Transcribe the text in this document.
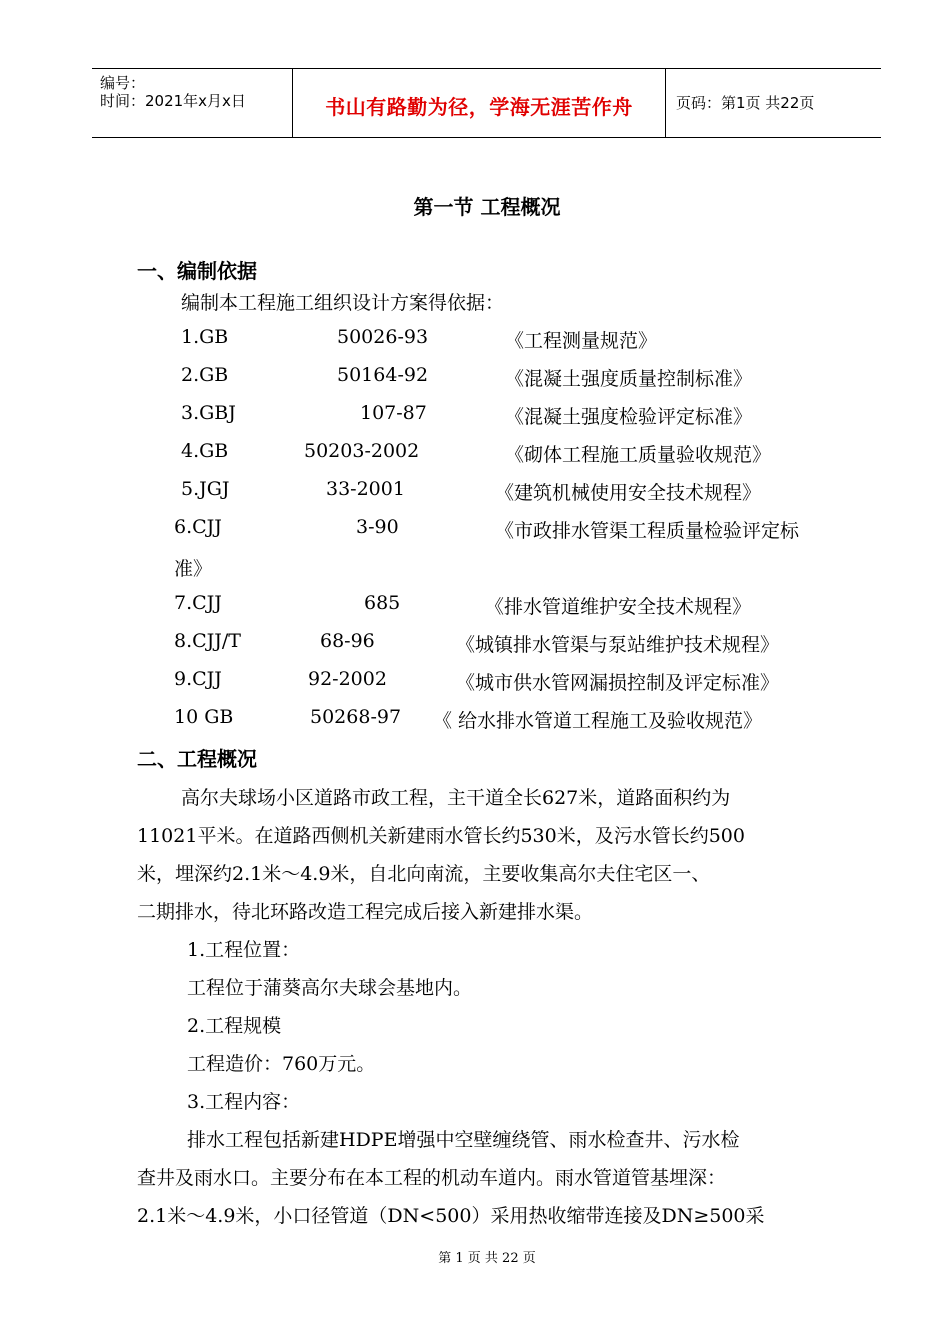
编号：
时间：2021年x月x日	书山有路勤为径，学海无涯苦作舟	页码：第1页 共22页
第一节 工程概况
一、编制依据
编制本工程施工组织设计方案得依据：
1.GB	50026-93	《工程测量规范》
2.GB	50164-92	《混凝土强度质量控制标准》
3.GBJ	107-87	《混凝土强度检验评定标准》
4.GB	50203-2002	《砌体工程施工质量验收规范》
5.JGJ	33-2001	《建筑机械使用安全技术规程》
6.CJJ	3-90	《市政排水管渠工程质量检验评定标
准》
7.CJJ	685	《排水管道维护安全技术规程》
8.CJJ/T	68-96	《城镇排水管渠与泵站维护技术规程》
9.CJJ	92-2002	《城市供水管网漏损控制及评定标准》
10 GB	50268-97 《 给水排水管道工程施工及验收规范》
二、工程概况
高尔夫球场小区道路市政工程，主干道全长627米，道路面积约为
11021平米。在道路西侧机关新建雨水管长约530米，及污水管长约500
米，埋深约2.1米～4.9米，自北向南流，主要收集高尔夫住宅区一、
二期排水，待北环路改造工程完成后接入新建排水渠。
1.工程位置：
工程位于蒲葵高尔夫球会基地内。
2.工程规模
工程造价：760万元。
3.工程内容：
排水工程包括新建HDPE增强中空壁缠绕管、雨水检查井、污水检
查井及雨水口。主要分布在本工程的机动车道内。雨水管道管基埋深：
2.1米～4.9米，小口径管道（DN<500）采用热收缩带连接及DN≥500采
第 1 页 共 22 页
